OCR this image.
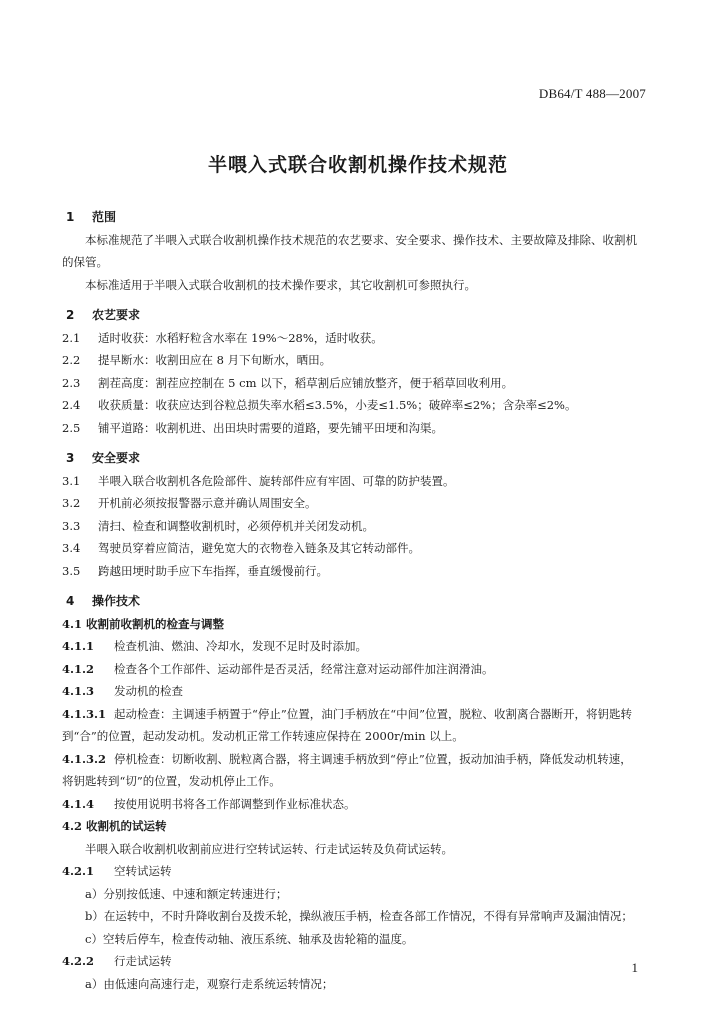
DB64/T 488—2007
半喂入式联合收割机操作技术规范
1 范围

本标准规范了半喂入式联合收割机操作技术规范的农艺要求、安全要求、操作技术、主要故障及排除、收割机的保管。

本标准适用于半喂入式联合收割机的技术操作要求，其它收割机可参照执行。

2 农艺要求

2.1 适时收获：水稻籽粒含水率在 19%～28%，适时收获。

2.2 提早断水：收割田应在 8 月下旬断水，晒田。

2.3 割茬高度：割茬应控制在 5 cm 以下，稻草割后应铺放整齐，便于稻草回收利用。

2.4 收获质量：收获应达到谷粒总损失率水稻≤3.5%，小麦≤1.5%；破碎率≤2%；含杂率≤2%。

2.5 铺平道路：收割机进、出田块时需要的道路，要先铺平田埂和沟渠。

3 安全要求

3.1 半喂入联合收割机各危险部件、旋转部件应有牢固、可靠的防护装置。

3.2 开机前必须按报警器示意并确认周围安全。

3.3 清扫、检查和调整收割机时，必须停机并关闭发动机。

3.4 驾驶员穿着应简洁，避免宽大的衣物卷入链条及其它转动部件。

3.5 跨越田埂时助手应下车指挥，垂直缓慢前行。

4 操作技术

4.1 收割前收割机的检查与调整

4.1.1 检查机油、燃油、冷却水，发现不足时及时添加。

4.1.2 检查各个工作部件、运动部件是否灵活，经常注意对运动部件加注润滑油。

4.1.3 发动机的检查

4.1.3.1 起动检查：主调速手柄置于“停止”位置，油门手柄放在“中间”位置，脱粒、收割离合器断开，将钥匙转到“合”的位置，起动发动机。发动机正常工作转速应保持在 2000r/min 以上。

4.1.3.2 停机检查：切断收割、脱粒离合器，将主调速手柄放到“停止”位置，扳动加油手柄，降低发动机转速，将钥匙转到“切”的位置，发动机停止工作。

4.1.4 按使用说明书将各工作部调整到作业标准状态。

4.2 收割机的试运转

半喂入联合收割机收割前应进行空转试运转、行走试运转及负荷试运转。

4.2.1 空转试运转

a）分别按低速、中速和额定转速进行；

b）在运转中，不时升降收割台及拨禾轮，操纵液压手柄，检查各部工作情况，不得有异常响声及漏油情况；

c）空转后停车，检查传动轴、液压系统、轴承及齿轮箱的温度。

4.2.2 行走试运转

a）由低速向高速行走，观察行走系统运转情况；

1
